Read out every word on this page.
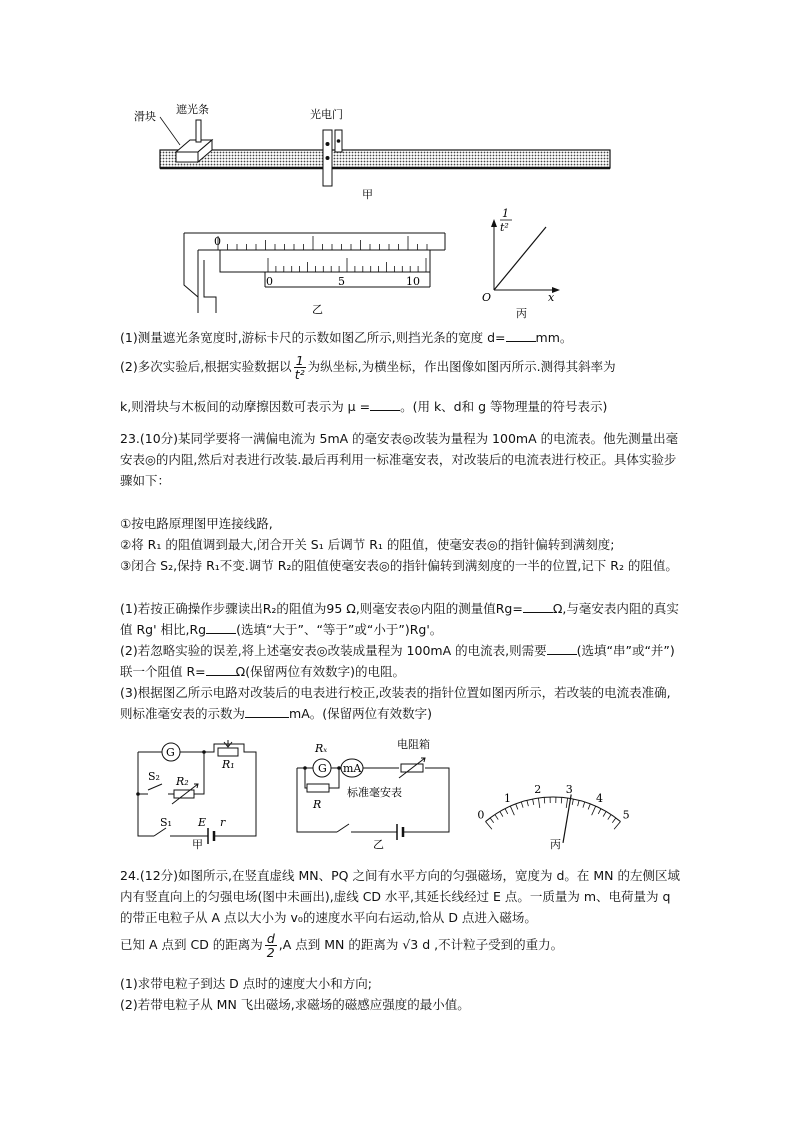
滑块
遮光条	光电门
甲
0
0	5	10
乙
1
t²
O	x
丙
(1)测量遮光条宽度时,游标卡尺的示数如图乙所示,则挡光条的宽度 d= mm。
(2)多次实验后,根据实验数据以 $\frac{1}{\text{t²}}$ 为纵坐标,为横坐标，作出图像如图丙所示.测得其斜率为
k,则滑块与木板间的动摩擦因数可表示为 μ = 。(用 k、d和 g 等物理量的符号表示)
23.(10分)某同学要将一满偏电流为 5mA 的毫安表◎改装为量程为 100mA 的电流表。他先测量出毫安表◎的内阻,然后对表进行改装.最后再利用一标准毫安表，对改装后的电流表进行校正。具体实验步骤如下：
①按电路原理图甲连接线路,
②将 R₁ 的阻值调到最大,闭合开关 S₁ 后调节 R₁ 的阻值，使毫安表◎的指针偏转到满刻度;
③闭合 S₂,保持 R₁不变.调节 R₂的阻值使毫安表◎的指针偏转到满刻度的一半的位置,记下 R₂ 的阻值。
(1)若按正确操作步骤读出R₂的阻值为95 Ω,则毫安表◎内阻的测量值Rg= Ω,与毫安表内阻的真实值 Rg' 相比,Rg (选填“大于”、“等于”或“小于”)Rg'。
(2)若忽略实验的误差,将上述毫安表◎改装成量程为 100mA 的电流表,则需要 (选填“串”或“并”)联一个阻值 R= Ω(保留两位有效数字)的电阻。
(3)根据图乙所示电路对改装后的电表进行校正,改装表的指针位置如图丙所示，若改装的电流表准确,则标准毫安表的示数为	mA。(保留两位有效数字)
G
R₁
R₂
S₂
S₁ E r
甲
Rₓ
G mA
电阻箱
R
标准毫安表
乙
0
1
2 3
4
5
丙
24.(12分)如图所示,在竖直虚线 MN、PQ 之间有水平方向的匀强磁场，宽度为 d。在 MN 的左侧区域内有竖直向上的匀强电场(图中未画出),虚线 CD 水平,其延长线经过 E 点。一质量为 m、电荷量为 q 的带正电粒子从 A 点以大小为 v₀的速度水平向右运动,恰从 D 点进入磁场。
已知 A 点到 CD 的距离为 $\frac{d}{2} ,A$ 点到 MN 的距离为 √3 d ,不计粒子受到的重力。
(1)求带电粒子到达 D 点时的速度大小和方向;
(2)若带电粒子从 MN 飞出磁场,求磁场的磁感应强度的最小值。
